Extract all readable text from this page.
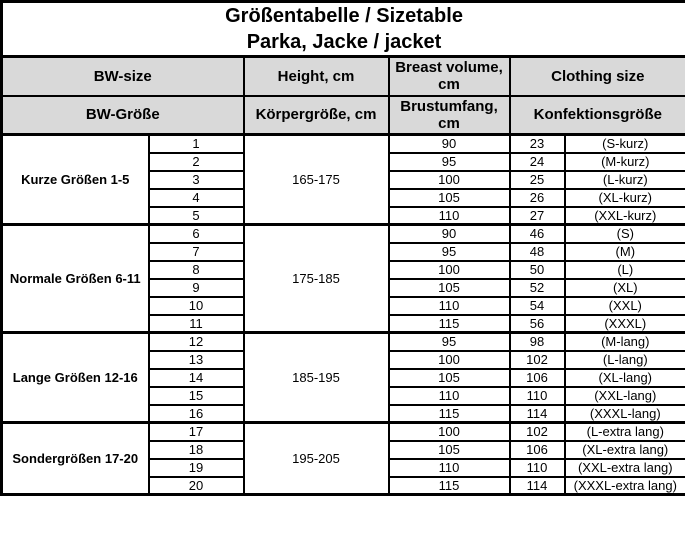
Größentabelle / Sizetable
Parka, Jacke / jacket					

BW-size		Height, cm	Breast volume, cm	Clothing size	
BW-Größe		Körpergröße, cm	Brustumfang, cm	Konfektionsgröße	
Kurze Größen 1-5	1	165-175	90	23	(S-kurz)
	2		95	24	(M-kurz)
	3		100	25	(L-kurz)
	4		105	26	(XL-kurz)
	5		110	27	(XXL-kurz)
Normale Größen 6-11	6	175-185	90	46	(S)
	7		95	48	(M)
	8		100	50	(L)
	9		105	52	(XL)
	10		110	54	(XXL)
	11		115	56	(XXXL)
Lange Größen 12-16	12	185-195	95	98	(M-lang)
	13		100	102	(L-lang)
	14		105	106	(XL-lang)
	15		110	110	(XXL-lang)
	16		115	114	(XXXL-lang)
Sondergrößen 17-20	17	195-205	100	102	(L-extra lang)
	18		105	106	(XL-extra lang)
	19		110	110	(XXL-extra lang)
	20		115	114	(XXXL-extra lang)
